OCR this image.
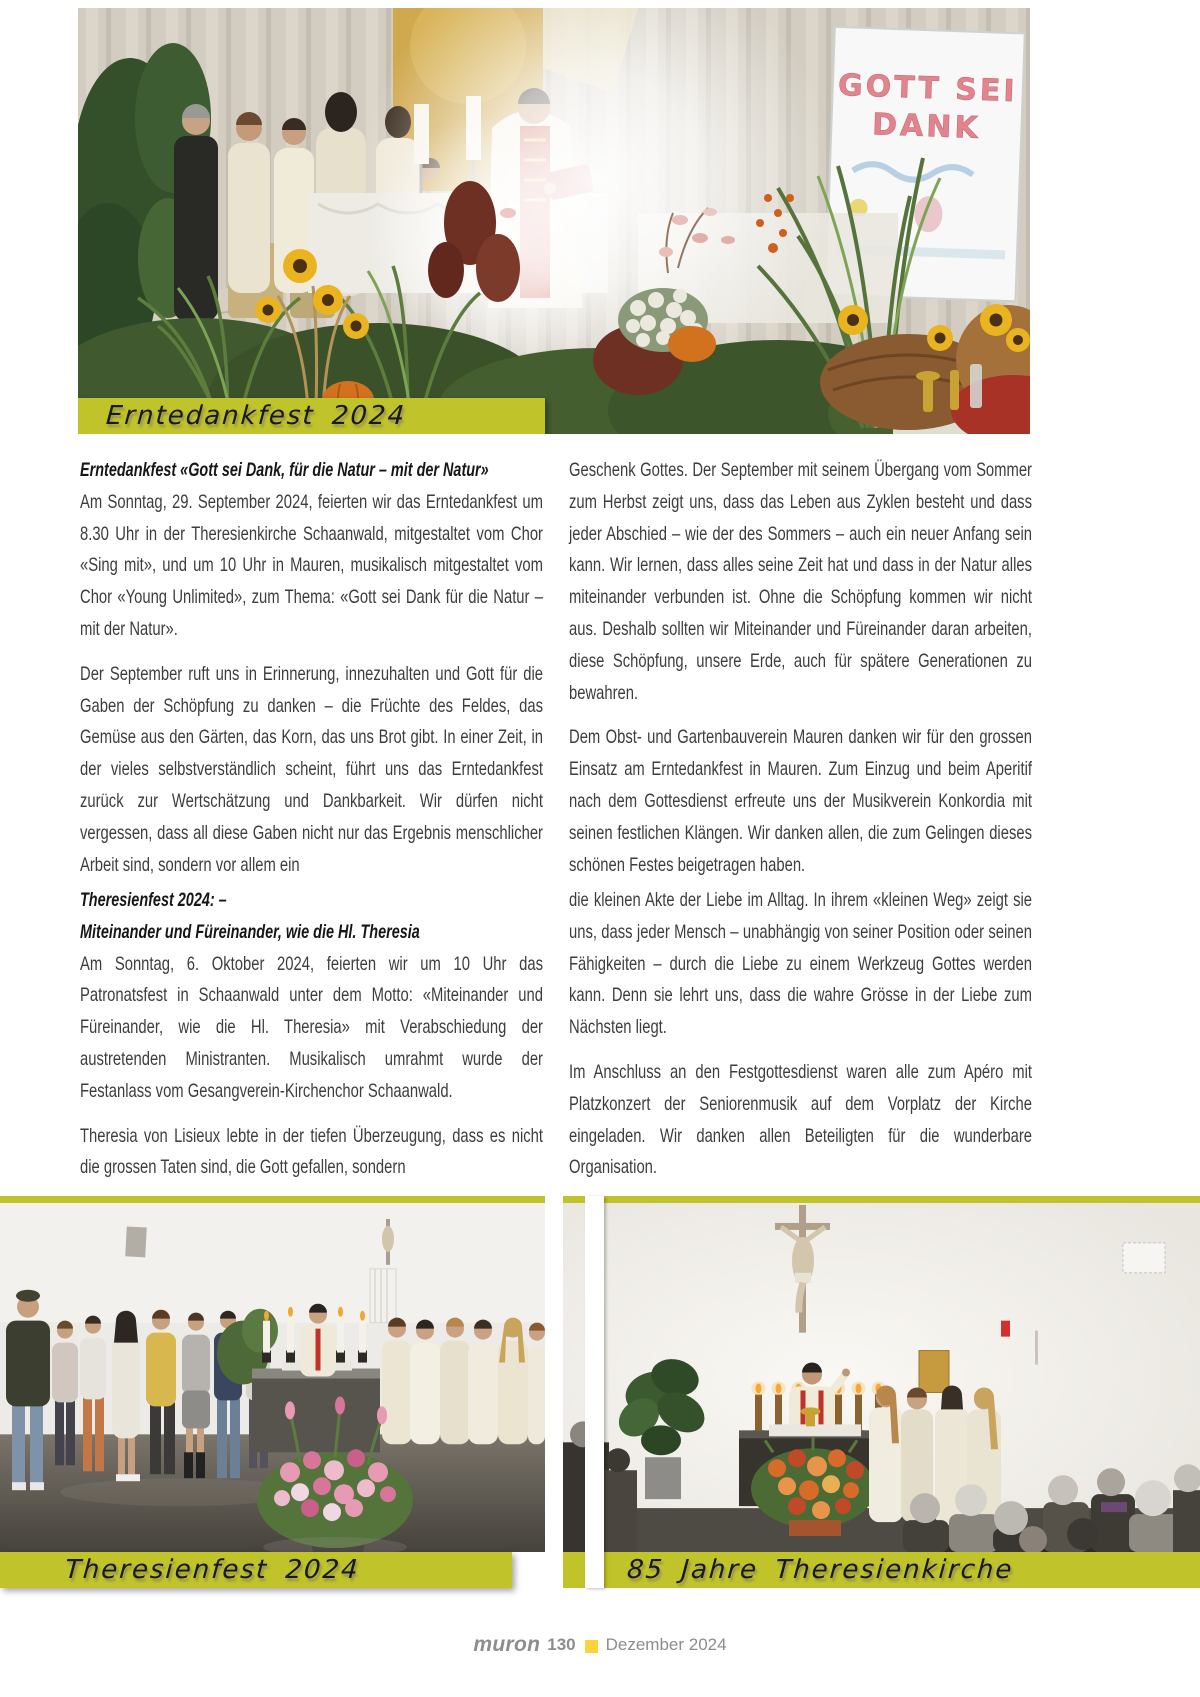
GOTT SEI
DANK
Erntedankfest 2024
Erntedankfest «Gott sei Dank, für die Natur – mit der Natur»

Am Sonntag, 29. September 2024, feierten wir das Erntedankfest um 8.30 Uhr in der Theresienkirche Schaanwald, mitgestaltet vom Chor «Sing mit», und um 10 Uhr in Mauren, musikalisch mitgestaltet vom Chor «Young Unlimited», zum Thema: «Gott sei Dank für die Natur – mit der Natur».

Der September ruft uns in Erinnerung, innezuhalten und Gott für die Gaben der Schöpfung zu danken – die Früchte des Feldes, das Gemüse aus den Gärten, das Korn, das uns Brot gibt. In einer Zeit, in der vieles selbstverständlich scheint, führt uns das Erntedankfest zurück zur Wertschätzung und Dankbarkeit. Wir dürfen nicht vergessen, dass all diese Gaben nicht nur das Ergebnis menschlicher Arbeit sind, sondern vor allem ein

Geschenk Gottes. Der September mit seinem Übergang vom Sommer zum Herbst zeigt uns, dass das Leben aus Zyklen besteht und dass jeder Abschied – wie der des Sommers – auch ein neuer Anfang sein kann. Wir lernen, dass alles seine Zeit hat und dass in der Natur alles miteinander verbunden ist. Ohne die Schöpfung kommen wir nicht aus. Deshalb sollten wir Miteinander und Füreinander daran arbeiten, diese Schöpfung, unsere Erde, auch für spätere Generationen zu bewahren.

Dem Obst- und Gartenbauverein Mauren danken wir für den grossen Einsatz am Erntedankfest in Mauren. Zum Einzug und beim Aperitif nach dem Gottesdienst erfreute uns der Musikverein Konkordia mit seinen festlichen Klängen. Wir danken allen, die zum Gelingen dieses schönen Festes beigetragen haben.

Theresienfest 2024: –
Miteinander und Füreinander, wie die Hl. Theresia

Am Sonntag, 6. Oktober 2024, feierten wir um 10 Uhr das Patronatsfest in Schaanwald unter dem Motto: «Miteinander und Füreinander, wie die Hl. Theresia» mit Verabschiedung der austretenden Ministranten. Musikalisch umrahmt wurde der Festanlass vom Gesangverein-Kirchenchor Schaanwald.

Theresia von Lisieux lebte in der tiefen Überzeugung, dass es nicht die grossen Taten sind, die Gott gefallen, sondern

die kleinen Akte der Liebe im Alltag. In ihrem «kleinen Weg» zeigt sie uns, dass jeder Mensch – unabhängig von seiner Position oder seinen Fähigkeiten – durch die Liebe zu einem Werkzeug Gottes werden kann. Denn sie lehrt uns, dass die wahre Grösse in der Liebe zum Nächsten liegt.

Im Anschluss an den Festgottesdienst waren alle zum Apéro mit Platzkonzert der Seniorenmusik auf dem Vorplatz der Kirche eingeladen. Wir danken allen Beteiligten für die wunderbare Organisation.

Theresienfest 2024	85 Jahre Theresienkirche
muron 130 Dezember 2024
